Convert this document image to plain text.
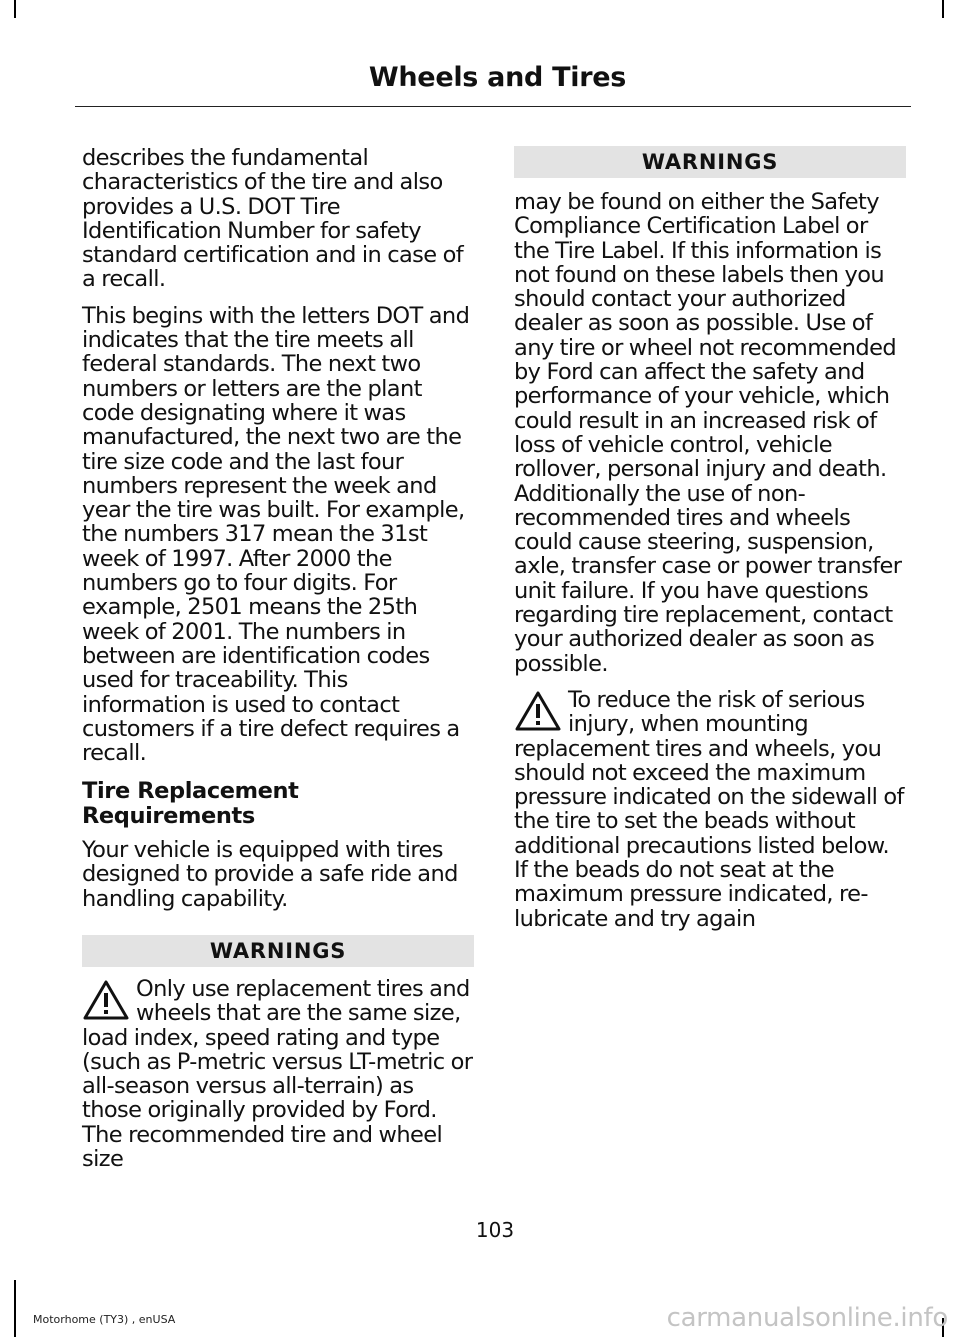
Wheels and Tires

describes the fundamental characteristics of the tire and also provides a U.S. DOT Tire Identification Number for safety standard certification and in case of a recall.

This begins with the letters DOT and indicates that the tire meets all federal standards. The next two numbers or letters are the plant code designating where it was manufactured, the next two are the tire size code and the last four numbers represent the week and year the tire was built. For example, the numbers 317 mean the 31st week of 1997. After 2000 the numbers go to four digits. For example, 2501 means the 25th week of 2001. The numbers in between are identification codes used for traceability. This information is used to contact customers if a tire defect requires a recall.

Tire Replacement Requirements

Your vehicle is equipped with tires designed to provide a safe ride and handling capability.

WARNINGS

Only use replacement tires and wheels that are the same size, load index, speed rating and type (such as P-metric versus LT-metric or all-season versus all-terrain) as those originally provided by Ford. The recommended tire and wheel size

WARNINGS

may be found on either the Safety Compliance Certification Label or the Tire Label. If this information is not found on these labels then you should contact your authorized dealer as soon as possible. Use of any tire or wheel not recommended by Ford can affect the safety and performance of your vehicle, which could result in an increased risk of loss of vehicle control, vehicle rollover, personal injury and death. Additionally the use of non-recommended tires and wheels could cause steering, suspension, axle, transfer case or power transfer unit failure. If you have questions regarding tire replacement, contact your authorized dealer as soon as possible.

To reduce the risk of serious injury, when mounting replacement tires and wheels, you should not exceed the maximum pressure indicated on the sidewall of the tire to set the beads without additional precautions listed below. If the beads do not seat at the maximum pressure indicated, re-lubricate and try again

103
Motorhome (TY3) , enUSA	carmanualsonline.info
